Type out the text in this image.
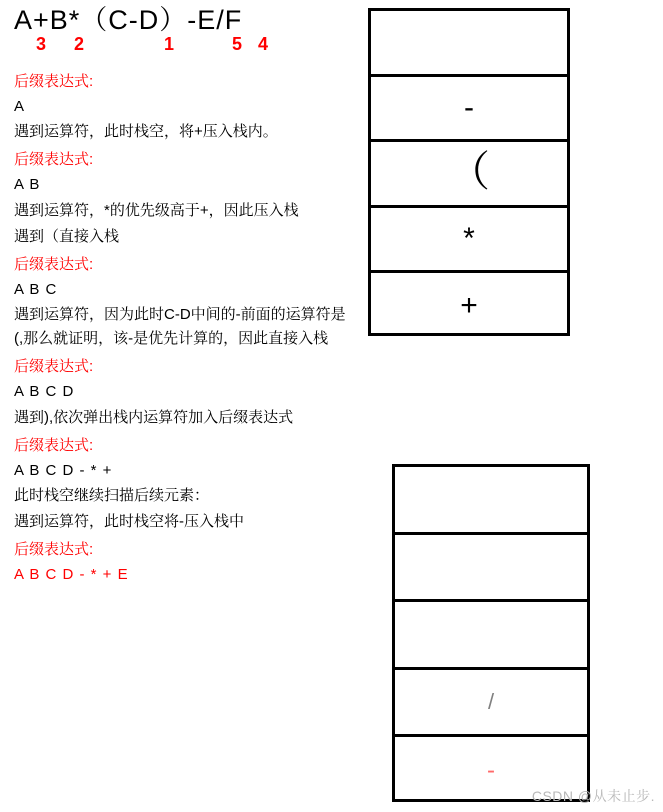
A+B*（C-D）-E/F
3 2	1	5 4
后缀表达式:
A
遇到运算符，此时栈空，将+压入栈内。
后缀表达式:
A B
遇到运算符，*的优先级高于+，因此压入栈
遇到（直接入栈
后缀表达式:
A B C
遇到运算符，因为此时C-D中间的-前面的运算符是(,那么就证明，该-是优先计算的，因此直接入栈
后缀表达式:
A B C D
遇到),依次弹出栈内运算符加入后缀表达式
后缀表达式:
A B C D - * +
此时栈空继续扫描后续元素：
遇到运算符，此时栈空将-压入栈中
后缀表达式:
A B C D - * + E
-
（
*
+
/
-
CSDN @从未止步.
